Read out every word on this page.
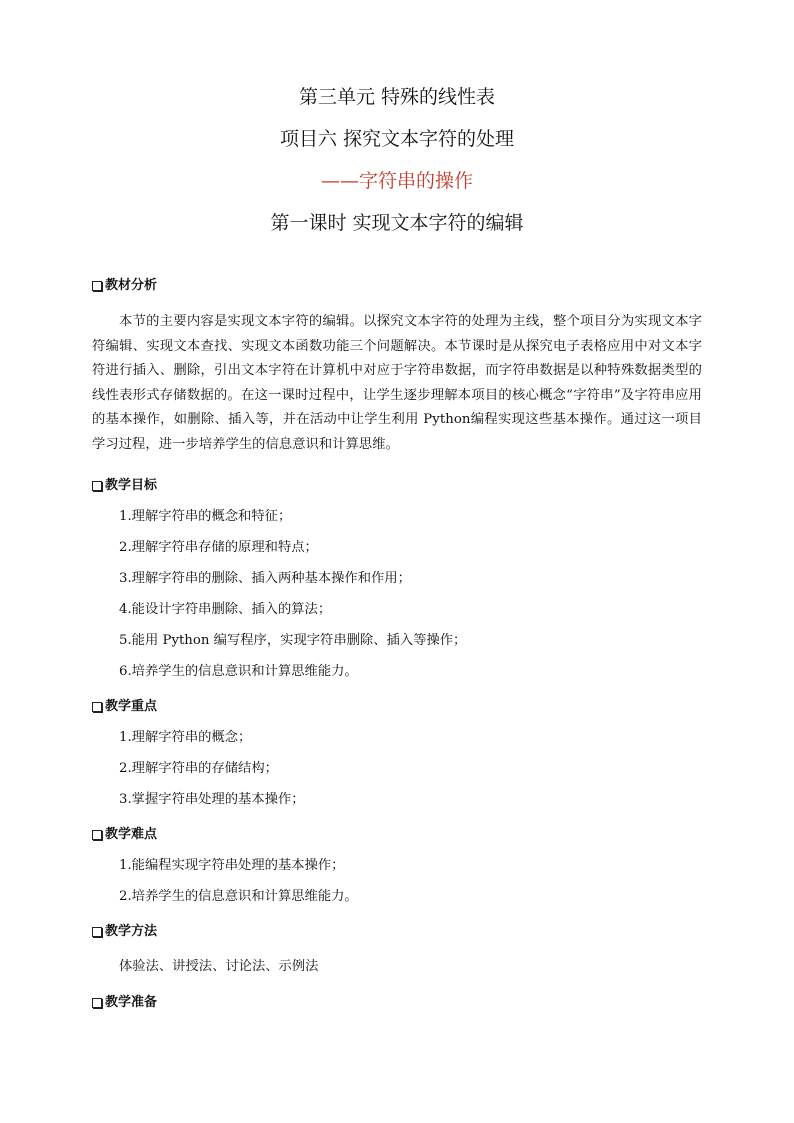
第三单元 特殊的线性表
项目六 探究文本字符的处理
——字符串的操作
第一课时 实现文本字符的编辑
教材分析

本节的主要内容是实现文本字符的编辑。以探究文本字符的处理为主线，整个项目分为实现文本字符编辑、实现文本查找、实现文本函数功能三个问题解决。本节课时是从探究电子表格应用中对文本字符进行插入、删除，引出文本字符在计算机中对应于字符串数据，而字符串数据是以种特殊数据类型的线性表形式存储数据的。在这一课时过程中，让学生逐步理解本项目的核心概念“字符串”及字符串应用的基本操作，如删除、插入等，并在活动中让学生利用 Python编程实现这些基本操作。通过这一项目学习过程，进一步培养学生的信息意识和计算思维。

教学目标

1.理解字符串的概念和特征；

2.理解字符串存储的原理和特点；

3.理解字符串的删除、插入两种基本操作和作用；

4.能设计字符串删除、插入的算法；

5.能用 Python 编写程序，实现字符串删除、插入等操作；

6.培养学生的信息意识和计算思维能力。

教学重点

1.理解字符串的概念；

2.理解字符串的存储结构；

3.掌握字符串处理的基本操作；

教学难点

1.能编程实现字符串处理的基本操作；

2.培养学生的信息意识和计算思维能力。

教学方法

体验法、讲授法、讨论法、示例法

教学准备
